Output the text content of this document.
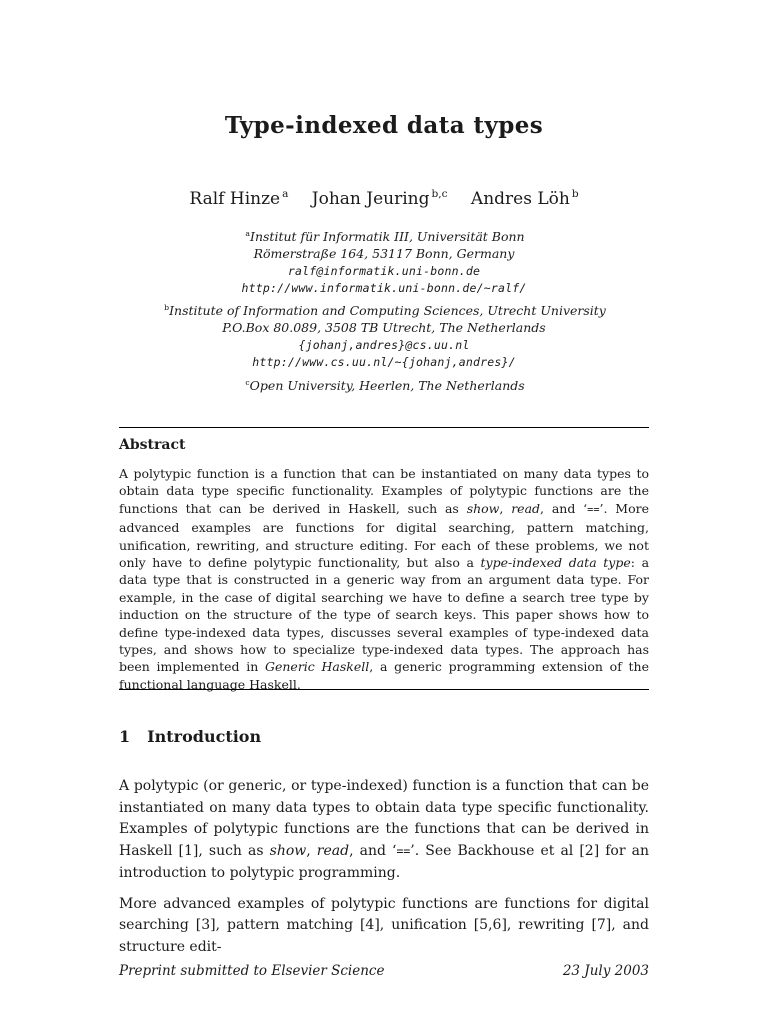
Type-indexed data types
Ralf Hinze $^a$ Johan Jeuring $^{b,c}$ Andres Löh $^b$
$^a$Institut für Informatik III, Universität Bonn
Römerstraße 164, 53117 Bonn, Germany
ralf@informatik.uni-bonn.de
http://www.informatik.uni-bonn.de/~ralf/
$^b$Institute of Information and Computing Sciences, Utrecht University
P.O.Box 80.089, 3508 TB Utrecht, The Netherlands
{johanj,andres}@cs.uu.nl
http://www.cs.uu.nl/~{johanj,andres}/
$^c$Open University, Heerlen, The Netherlands
Abstract
A polytypic function is a function that can be instantiated on many data types to obtain data type specific functionality. Examples of polytypic functions are the functions that can be derived in Haskell, such as show, read, and ‘==’. More advanced examples are functions for digital searching, pattern matching, unification, rewriting, and structure editing. For each of these problems, we not only have to define polytypic functionality, but also a type-indexed data type: a data type that is constructed in a generic way from an argument data type. For example, in the case of digital searching we have to define a search tree type by induction on the structure of the type of search keys. This paper shows how to define type-indexed data types, discusses several examples of type-indexed data types, and shows how to specialize type-indexed data types. The approach has been implemented in Generic Haskell, a generic programming extension of the functional language Haskell.
1 Introduction

A polytypic (or generic, or type-indexed) function is a function that can be instantiated on many data types to obtain data type specific functionality. Examples of polytypic functions are the functions that can be derived in Haskell [1], such as show, read, and ‘==’. See Backhouse et al [2] for an introduction to polytypic programming.

More advanced examples of polytypic functions are functions for digital searching [3], pattern matching [4], unification [5,6], rewriting [7], and structure edit-

Preprint submitted to Elsevier Science	23 July 2003
